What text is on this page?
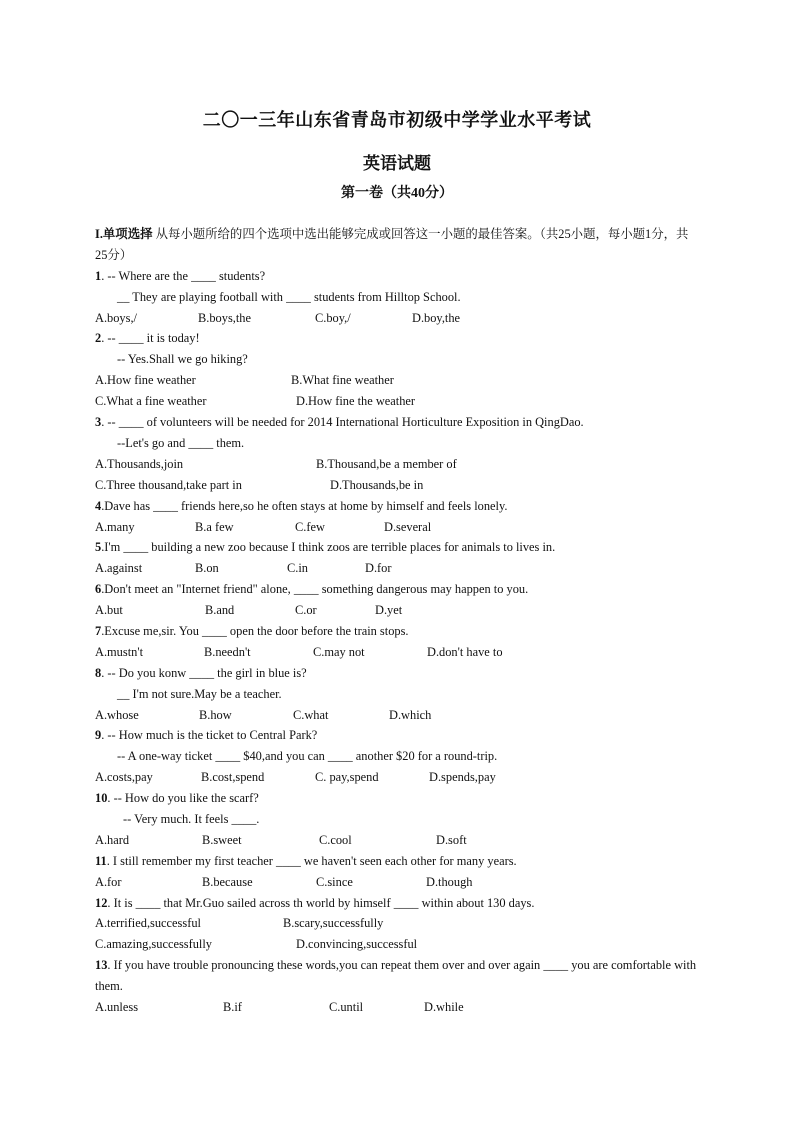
二〇一三年山东省青岛市初级中学学业水平考试
英语试题
第一卷（共40分）
I.单项选择 从每小题所给的四个选项中选出能够完成或回答这一小题的最佳答案。（共25小题，每小题1分，共25分）
1. -- Where are the ____ students?
__ They are playing football with ____ students from Hilltop School.
A.boys,/	B.boys,the	C.boy,/	D.boy,the
2. -- ____ it is today!
-- Yes.Shall we go hiking?
A.How fine weather	B.What fine weather
C.What a fine weather	D.How fine the weather
3. -- ____ of volunteers will be needed for 2014 International Horticulture Exposition in QingDao.
--Let's go and ____ them.
A.Thousands,join	B.Thousand,be a member of
C.Three thousand,take part in	D.Thousands,be in
4.Dave has ____ friends here,so he often stays at home by himself and feels lonely.
A.many	B.a few	C.few	D.several
5.I'm ____ building a new zoo because I think zoos are terrible places for animals to lives in.
A.against	B.on	C.in	D.for
6.Don't meet an "Internet friend" alone, ____ something dangerous may happen to you.
A.but	B.and	C.or	D.yet
7.Excuse me,sir. You ____ open the door before the train stops.
A.mustn't	B.needn't	C.may not	D.don't have to
8. -- Do you konw ____ the girl in blue is?
__ I'm not sure.May be a teacher.
A.whose	B.how	C.what	D.which
9. -- How much is the ticket to Central Park?
-- A one-way ticket ____ $40,and you can ____ another $20 for a round-trip.
A.costs,pay	B.cost,spend	C. pay,spend	D.spends,pay
10. -- How do you like the scarf?
-- Very much. It feels ____.
A.hard	B.sweet	C.cool	D.soft
11. I still remember my first teacher ____ we haven't seen each other for many years.
A.for	B.because	C.since	D.though
12. It is ____ that Mr.Guo sailed across th world by himself ____ within about 130 days.
A.terrified,successful	B.scary,successfully
C.amazing,successfully	D.convincing,successful
13. If you have trouble pronouncing these words,you can repeat them over and over again ____ you are comfortable with them.
A.unless	B.if	C.until	D.while
